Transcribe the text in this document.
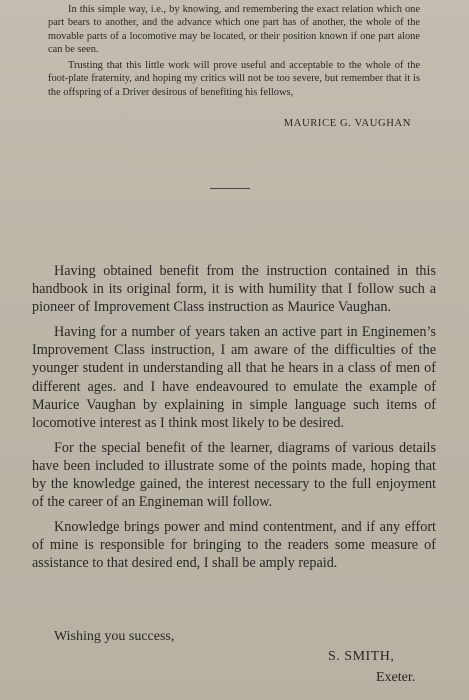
In this simple way, i.e., by knowing, and remembering the exact relation which one part bears to another, and the advance which one part has of another, the whole of the movable parts of a locomotive may be located, or their position known if one part alone can be seen.

Trusting that this little work will prove useful and acceptable to the whole of the foot-plate fraternity, and hoping my critics will not be too severe, but remember that it is the offspring of a Driver desirous of benefiting his fellows,

MAURICE G. VAUGHAN

Having obtained benefit from the instruction contained in this handbook in its original form, it is with humility that I follow such a pioneer of Improvement Class instruction as Maurice Vaughan.

Having for a number of years taken an active part in Enginemen’s Improvement Class instruction, I am aware of the difficulties of the younger student in understanding all that he hears in a class of men of different ages. and I have endeavoured to emulate the example of Maurice Vaughan by explaining in simple language such items of locomotive interest as I think most likely to be desired.

For the special benefit of the learner, diagrams of various details have been included to illustrate some of the points made, hoping that by the knowledge gained, the interest necessary to the full enjoyment of the career of an Engineman will follow.

Knowledge brings power and mind contentment, and if any effort of mine is responsible for bringing to the readers some measure of assistance to that desired end, I shall be amply repaid.

Wishing you success,
S. SMITH,
Exeter.
